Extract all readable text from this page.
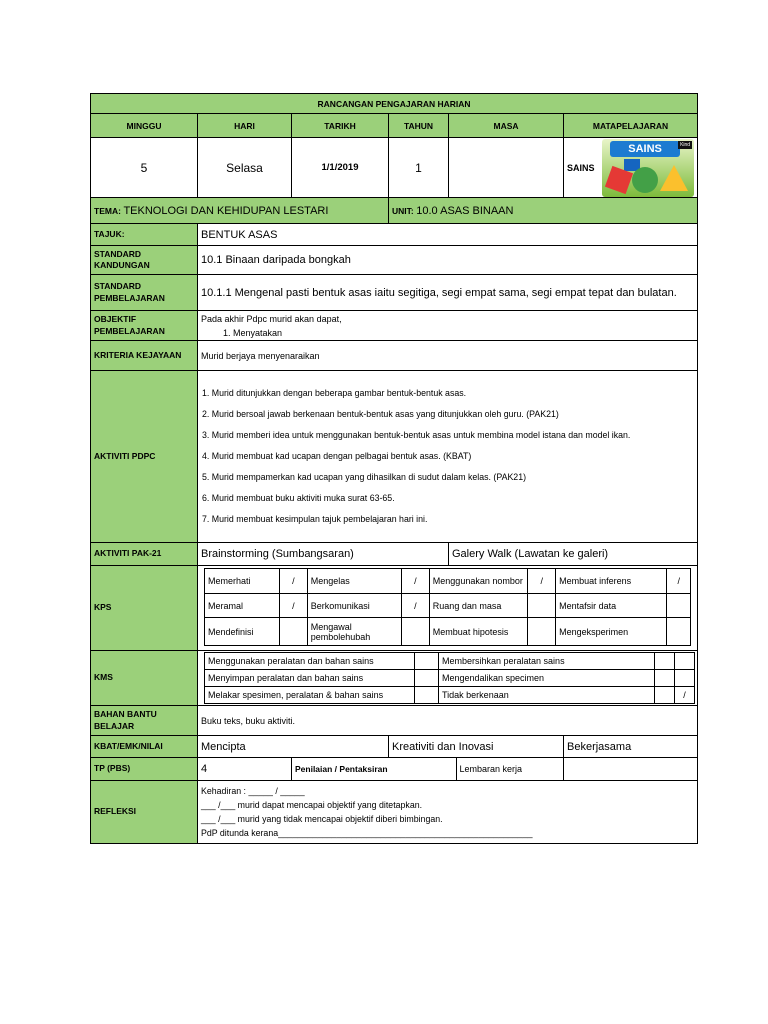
RANCANGAN PENGAJARAN HARIAN
MINGGU	HARI	TARIKH	TAHUN	MASA	MATAPELAJARAN
5	Selasa	1/1/2019	1		SAINS
SAINS	Kind

TEMA: TEKNOLOGI DAN KEHIDUPAN LESTARI	UNIT: 10.0 ASAS BINAAN
TAJUK:	BENTUK ASAS
STANDARD KANDUNGAN	10.1 Binaan daripada bongkah
STANDARD PEMBELAJARAN	10.1.1 Mengenal pasti bentuk asas iaitu segitiga, segi empat sama, segi empat tepat dan bulatan.
OBJEKTIF PEMBELAJARAN	
Pada akhir Pdpc murid akan dapat,
1. Menyatakan

KRITERIA KEJAYAAN	Murid berjaya menyenaraikan
AKTIVITI PDPC	

1. Murid ditunjukkan dengan beberapa gambar bentuk-bentuk asas.

2. Murid bersoal jawab berkenaan bentuk-bentuk asas yang ditunjukkan oleh guru. (PAK21)

3. Murid memberi idea untuk menggunakan bentuk-bentuk asas untuk membina model istana dan model ikan.

4. Murid membuat kad ucapan dengan pelbagai bentuk asas. (KBAT)

5. Murid mempamerkan kad ucapan yang dihasilkan di sudut dalam kelas. (PAK21)

6. Murid membuat buku aktiviti muka surat 63-65.

7. Murid membuat kesimpulan tajuk pembelajaran hari ini.

AKTIVITI PAK-21	Brainstorming (Sumbangsaran)	Galery Walk (Lawatan ke galeri)
KPS	
Memerhati	/	Mengelas	/	Menggunakan nombor	/	Membuat inferens	/
Meramal	/	Berkomunikasi	/	Ruang dan masa		Mentafsir data	
Mendefinisi		Mengawal pembolehubah		Membuat hipotesis		Mengeksperimen	

KMS	
Menggunakan peralatan dan bahan sains		Membersihkan peralatan sains		
Menyimpan peralatan dan bahan sains		Mengendalikan specimen		
Melakar spesimen, peralatan & bahan sains		Tidak berkenaan		/

BAHAN BANTU BELAJAR	Buku teks, buku aktiviti.
KBAT/EMK/NILAI	Mencipta	Kreativiti dan Inovasi	Bekerjasama
TP (PBS)	4		Penilaian / Pentaksiran	Lembaran kerja

REFLEKSI	

Kehadiran : _____ / _____

___ /___ murid dapat mencapai objektif yang ditetapkan.

___ /___ murid yang tidak mencapai objektif diberi bimbingan.

PdP ditunda kerana____________________________________________________
